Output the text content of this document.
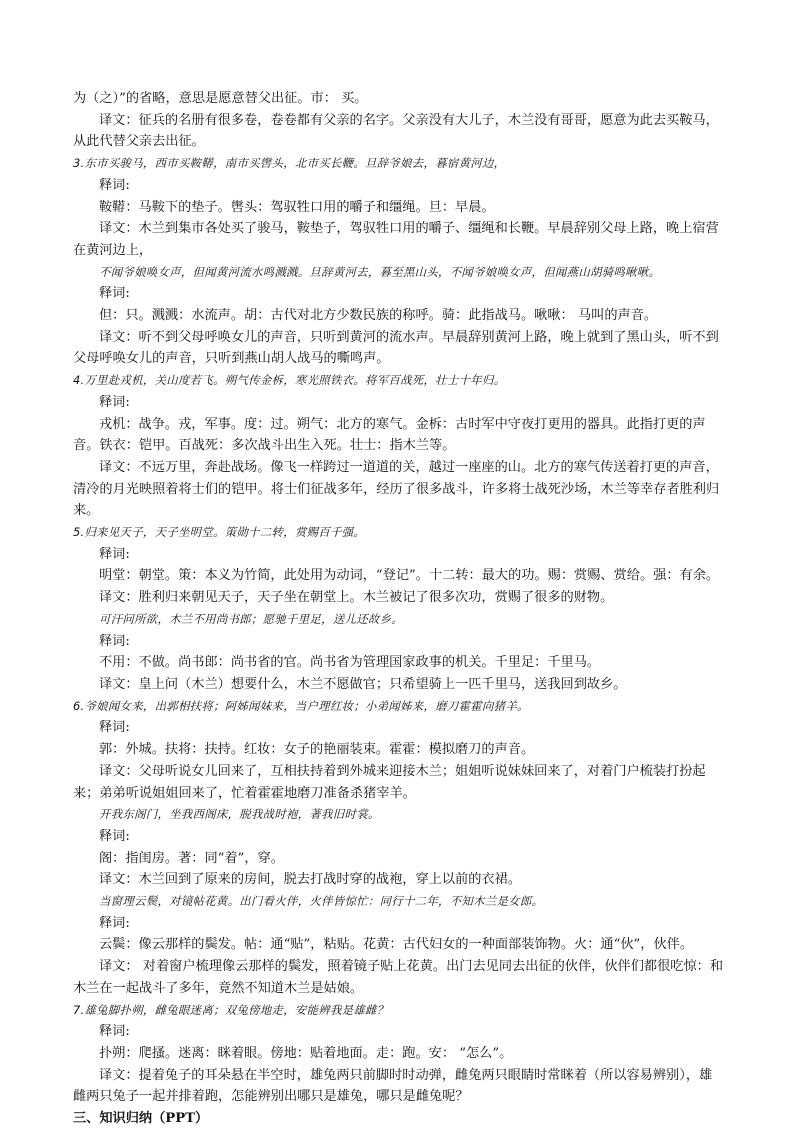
为（之）”的省略，意思是愿意替父出征。市： 买。

译文：征兵的名册有很多卷，卷卷都有父亲的名字。父亲没有大儿子，木兰没有哥哥，愿意为此去买鞍马，从此代替父亲去出征。

3.东市买骏马，西市买鞍鞯，南市买辔头，北市买长鞭。旦辞爷娘去，暮宿黄河边，

释词:

鞍鞯：马鞍下的垫子。辔头：驾驭牲口用的嚼子和缰绳。旦：早晨。

译文：木兰到集市各处买了骏马，鞍垫子，驾驭牲口用的嚼子、缰绳和长鞭。早晨辞别父母上路，晚上宿营在黄河边上，

不闻爷娘唤女声，但闻黄河流水鸣溅溅。旦辞黄河去，暮至黑山头，不闻爷娘唤女声，但闻燕山胡骑鸣啾啾。

释词:

但：只。溅溅：水流声。胡：古代对北方少数民族的称呼。骑：此指战马。啾啾： 马叫的声音。

译文：听不到父母呼唤女儿的声音，只听到黄河的流水声。早晨辞别黄河上路，晚上就到了黑山头，听不到父母呼唤女儿的声音，只听到燕山胡人战马的嘶鸣声。

4.万里赴戎机，关山度若飞。朔气传金柝，寒光照铁衣。将军百战死，壮士十年归。

释词:

戎机：战争。戎，军事。度：过。朔气：北方的寒气。金柝：古时军中守夜打更用的器具。此指打更的声音。铁衣：铠甲。百战死：多次战斗出生入死。壮士：指木兰等。

译文：不远万里，奔赴战场。像飞一样跨过一道道的关，越过一座座的山。北方的寒气传送着打更的声音，清冷的月光映照着将士们的铠甲。将士们征战多年，经历了很多战斗，许多将士战死沙场，木兰等幸存者胜利归来。

5.归来见天子，天子坐明堂。策勋十二转，赏赐百千强。

释词:

明堂：朝堂。策：本义为竹简，此处用为动词，“登记”。十二转：最大的功。赐：赏赐、赏给。强：有余。

译文：胜利归来朝见天子，天子坐在朝堂上。木兰被记了很多次功，赏赐了很多的财物。

可汗问所欲，木兰不用尚书郎；愿驰千里足，送儿还故乡。

释词:

不用：不做。尚书郎：尚书省的官。尚书省为管理国家政事的机关。千里足：千里马。

译文：皇上问（木兰）想要什么，木兰不愿做官；只希望骑上一匹千里马，送我回到故乡。

6.爷娘闻女来，出郭相扶将；阿姊闻妹来，当户理红妆；小弟闻姊来，磨刀霍霍向猪羊。

释词:

郭：外城。扶将：扶持。红妆：女子的艳丽装束。霍霍：模拟磨刀的声音。

译文：父母听说女儿回来了，互相扶持着到外城来迎接木兰；姐姐听说妹妹回来了，对着门户梳装打扮起来；弟弟听说姐姐回来了，忙着霍霍地磨刀准备杀猪宰羊。

开我东阁门，坐我西阁床，脱我战时袍，著我旧时裳。

释词:

阁：指闺房。著：同“着”，穿。

译文：木兰回到了原来的房间，脱去打战时穿的战袍，穿上以前的衣裙。

当窗理云鬓，对镜帖花黄。出门看火伴，火伴皆惊忙：同行十二年，不知木兰是女郎。

释词:

云鬓：像云那样的鬓发。帖：通“贴”，粘贴。花黄：古代妇女的一种面部装饰物。火：通“伙”，伙伴。

译文： 对着窗户梳理像云那样的鬓发，照着镜子贴上花黄。出门去见同去出征的伙伴，伙伴们都很吃惊：和木兰在一起战斗了多年，竟然不知道木兰是姑娘。

7.雄兔脚扑朔，雌兔眼迷离；双兔傍地走，安能辨我是雄雌？

释词:

扑朔：爬搔。迷离：眯着眼。傍地：贴着地面。走：跑。安： “怎么”。

译文：提着兔子的耳朵悬在半空时，雄兔两只前脚时时动弹，雌兔两只眼睛时常眯着（所以容易辨别），雄雌两只兔子一起并排着跑，怎能辨别出哪只是雄兔，哪只是雌兔呢？

三、知识归纳（PPT）
